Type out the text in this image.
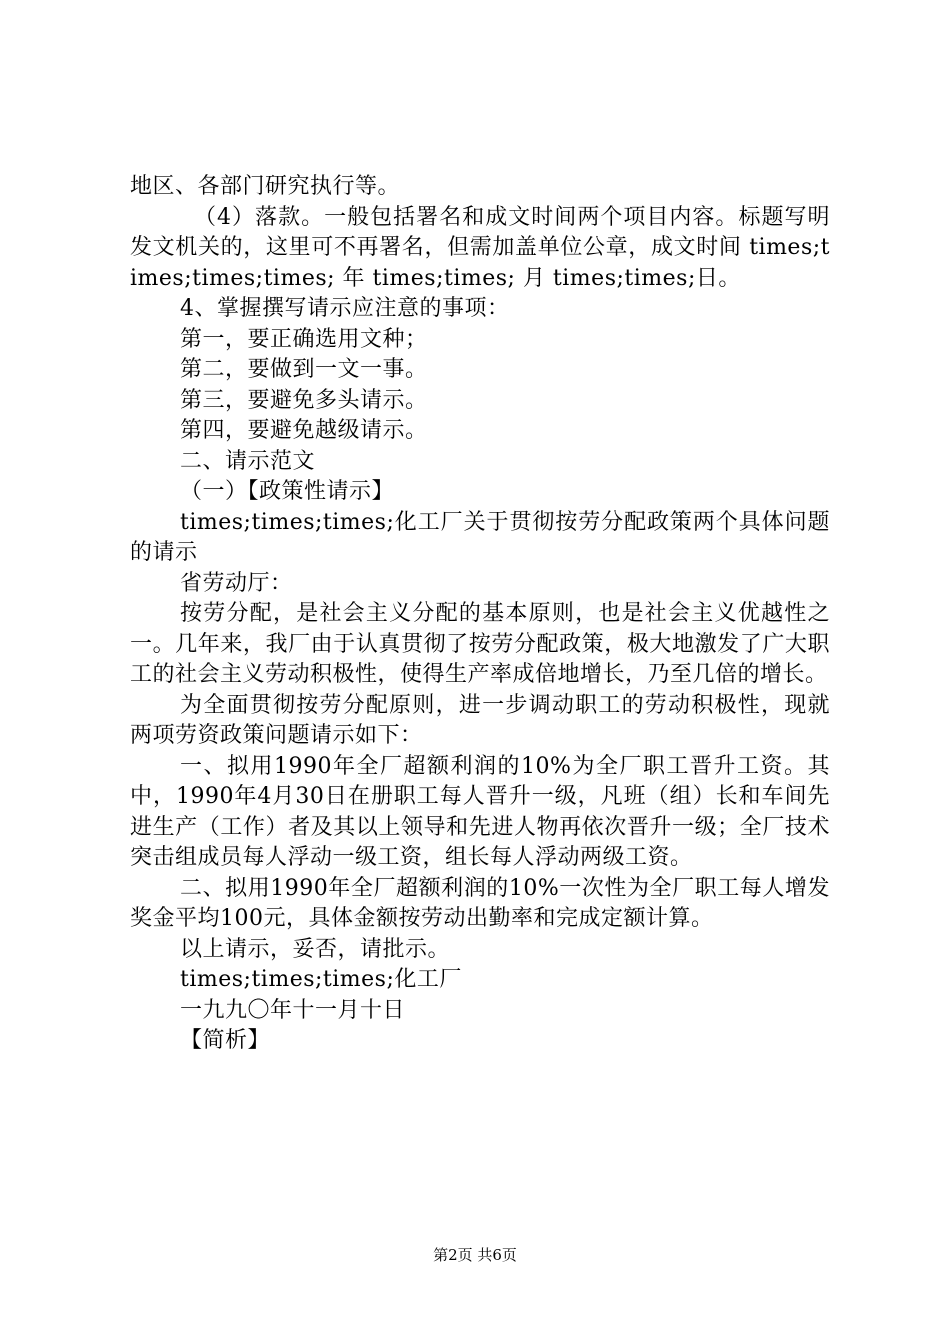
地区、各部门研究执行等。

（4）落款。一般包括署名和成文时间两个项目内容。标题写明发文机关的，这里可不再署名，但需加盖单位公章，成文时间 times;times;times;times; 年 times;times; 月 times;times;日。

4、掌握撰写请示应注意的事项：

第一，要正确选用文种；

第二，要做到一文一事。

第三，要避免多头请示。

第四，要避免越级请示。

二、请示范文

（一）【政策性请示】

times;times;times;化工厂关于贯彻按劳分配政策两个具体问题的请示

省劳动厅：

按劳分配，是社会主义分配的基本原则，也是社会主义优越性之一。几年来，我厂由于认真贯彻了按劳分配政策，极大地激发了广大职工的社会主义劳动积极性，使得生产率成倍地增长，乃至几倍的增长。

为全面贯彻按劳分配原则，进一步调动职工的劳动积极性，现就两项劳资政策问题请示如下：

一、拟用1990年全厂超额利润的10%为全厂职工晋升工资。其中，1990年4月30日在册职工每人晋升一级，凡班（组）长和车间先进生产（工作）者及其以上领导和先进人物再依次晋升一级；全厂技术突击组成员每人浮动一级工资，组长每人浮动两级工资。

二、拟用1990年全厂超额利润的10%一次性为全厂职工每人增发奖金平均100元，具体金额按劳动出勤率和完成定额计算。

以上请示，妥否，请批示。

times;times;times;化工厂

一九九〇年十一月十日

【简析】

第2页 共6页
